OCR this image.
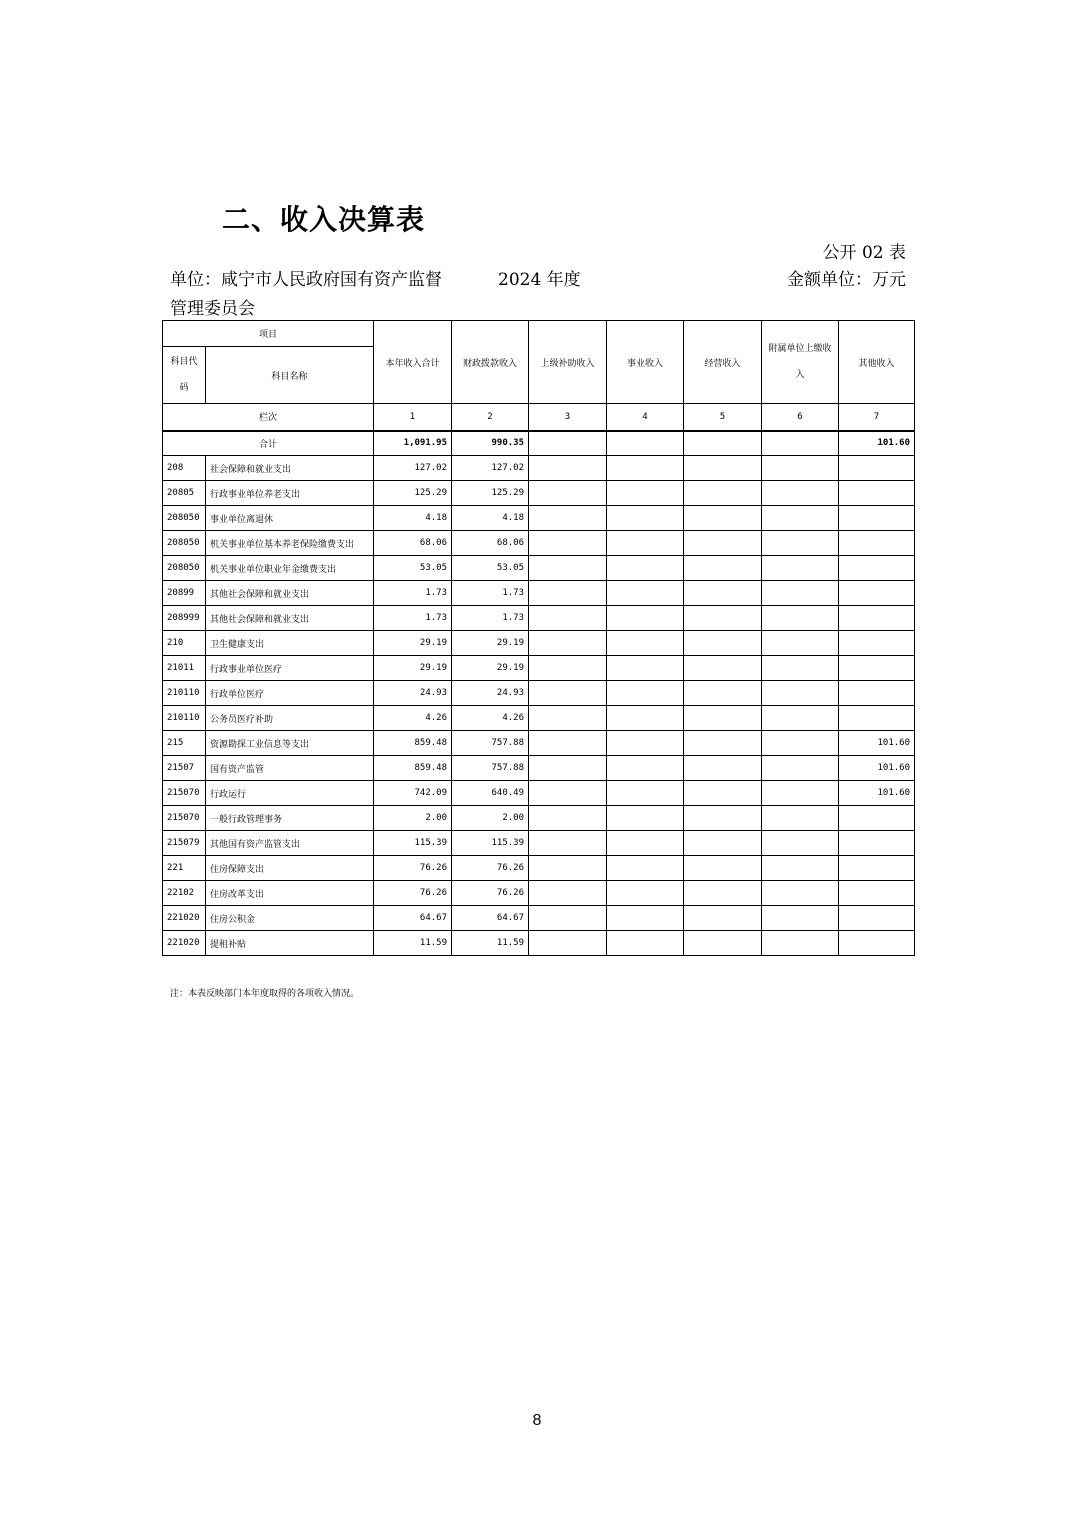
二、收入决算表
公开 02 表
单位：咸宁市人民政府国有资产监督管理委员会
2024 年度	金额单位：万元
项目		本年收入合计	财政拨款收入	上级补助收入	事业收入	经营收入	附属单位上缴收入	其他收入
科目代码	科目名称							
栏次		1	2	3	4	5	6	7
合计		1,091.95	990.35					101.60
208	社会保障和就业支出	127.02	127.02					
20805	行政事业单位养老支出	125.29	125.29					
208050	事业单位离退休	4.18	4.18					
208050	机关事业单位基本养老保险缴费支出	68.06	68.06					
208050	机关事业单位职业年金缴费支出	53.05	53.05					
20899	其他社会保障和就业支出	1.73	1.73					
208999	其他社会保障和就业支出	1.73	1.73					
210	卫生健康支出	29.19	29.19					
21011	行政事业单位医疗	29.19	29.19					
210110	行政单位医疗	24.93	24.93					
210110	公务员医疗补助	4.26	4.26					
215	资源勘探工业信息等支出	859.48	757.88					101.60
21507	国有资产监管	859.48	757.88					101.60
215070	行政运行	742.09	640.49					101.60
215070	一般行政管理事务	2.00	2.00					
215079	其他国有资产监管支出	115.39	115.39					
221	住房保障支出	76.26	76.26					
22102	住房改革支出	76.26	76.26					
221020	住房公积金	64.67	64.67					
221020	提租补贴	11.59	11.59					
注：本表反映部门本年度取得的各项收入情况。
8
